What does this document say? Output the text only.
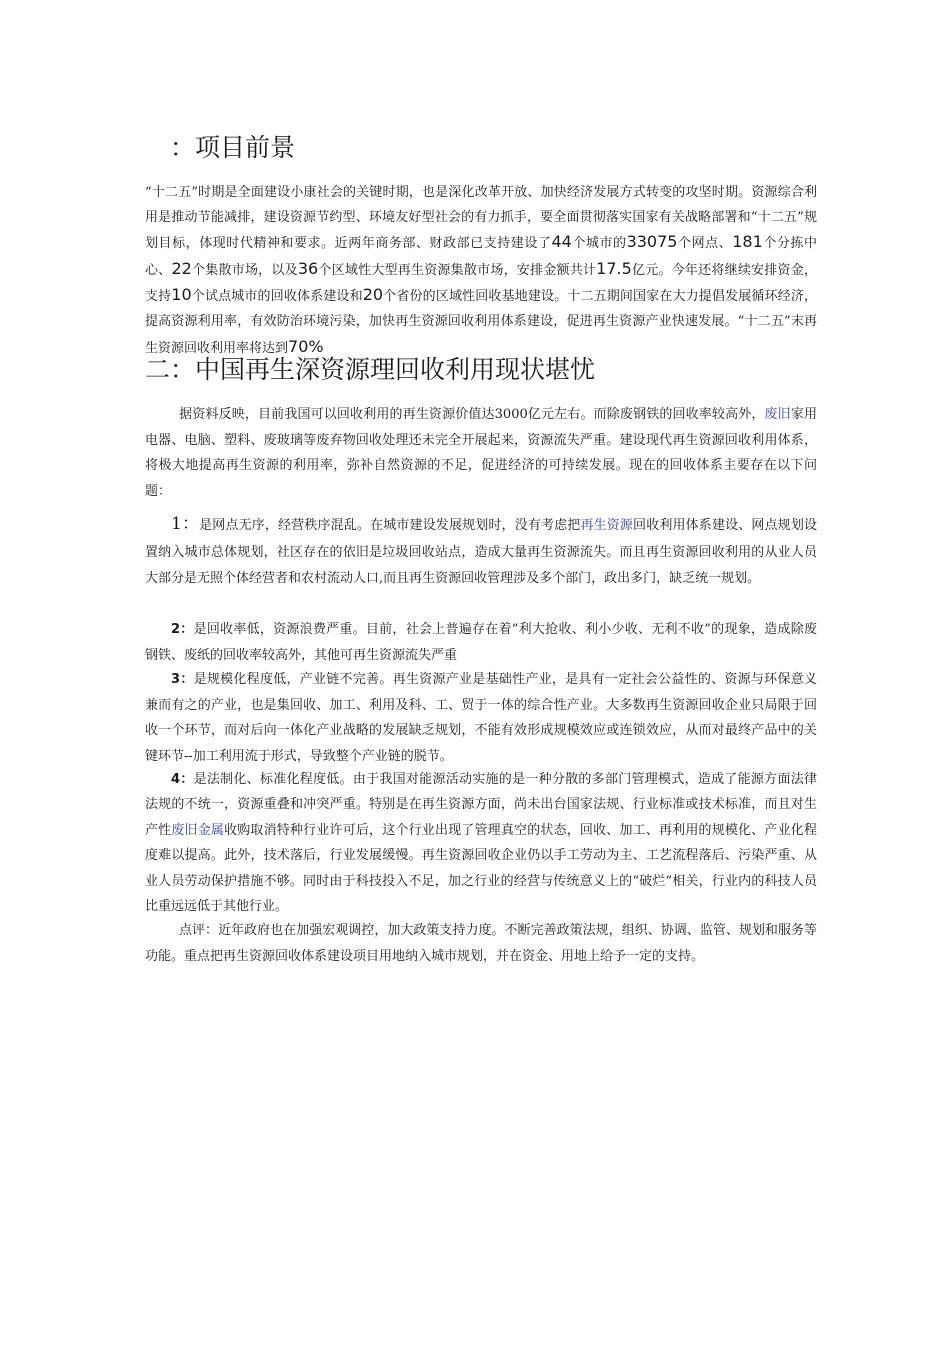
：项目前景

“十二五”时期是全面建设小康社会的关键时期，也是深化改革开放、加快经济发展方式转变的攻坚时期。资源综合利用是推动节能减排，建设资源节约型、环境友好型社会的有力抓手，要全面贯彻落实国家有关战略部署和“十二五”规划目标，体现时代精神和要求。近两年商务部、财政部已支持建设了44个城市的33075个网点、181个分拣中心、22个集散市场，以及36个区域性大型再生资源集散市场，安排金额共计17.5亿元。今年还将继续安排资金，支持10个试点城市的回收体系建设和20个省份的区域性回收基地建设。十二五期间国家在大力提倡发展循环经济，提高资源利用率，有效防治环境污染，加快再生资源回收利用体系建设，促进再生资源产业快速发展。“十二五”末再生资源回收利用率将达到70%

二：中国再生深资源理回收利用现状堪忧

据资料反映，目前我国可以回收利用的再生资源价值达3000亿元左右。而除废钢铁的回收率较高外，废旧家用电器、电脑、塑料、废玻璃等废弃物回收处理还未完全开展起来，资源流失严重。建设现代再生资源回收利用体系，将极大地提高再生资源的利用率，弥补自然资源的不足，促进经济的可持续发展。现在的回收体系主要存在以下问题：

1：是网点无序，经营秩序混乱。在城市建设发展规划时，没有考虑把再生资源回收利用体系建设、网点规划设置纳入城市总体规划，社区存在的依旧是垃圾回收站点，造成大量再生资源流失。而且再生资源回收利用的从业人员大部分是无照个体经营者和农村流动人口,而且再生资源回收管理涉及多个部门，政出多门，缺乏统一规划。

2：是回收率低，资源浪费严重。目前，社会上普遍存在着“利大抢收、利小少收、无利不收”的现象，造成除废钢铁、废纸的回收率较高外，其他可再生资源流失严重

3：是规模化程度低，产业链不完善。再生资源产业是基础性产业，是具有一定社会公益性的、资源与环保意义兼而有之的产业，也是集回收、加工、利用及科、工、贸于一体的综合性产业。大多数再生资源回收企业只局限于回收一个环节，而对后向一体化产业战略的发展缺乏规划，不能有效形成规模效应或连锁效应，从而对最终产品中的关键环节--加工利用流于形式，导致整个产业链的脱节。

4：是法制化、标准化程度低。由于我国对能源活动实施的是一种分散的多部门管理模式，造成了能源方面法律法规的不统一，资源重叠和冲突严重。特别是在再生资源方面，尚未出台国家法规、行业标准或技术标准，而且对生产性废旧金属收购取消特种行业许可后，这个行业出现了管理真空的状态，回收、加工、再利用的规模化、产业化程度难以提高。此外，技术落后，行业发展缓慢。再生资源回收企业仍以手工劳动为主、工艺流程落后、污染严重、从业人员劳动保护措施不够。同时由于科技投入不足，加之行业的经营与传统意义上的“破烂”相关，行业内的科技人员比重远远低于其他行业。

点评：近年政府也在加强宏观调控，加大政策支持力度。不断完善政策法规，组织、协调、监管、规划和服务等功能。重点把再生资源回收体系建设项目用地纳入城市规划，并在资金、用地上给予一定的支持。
